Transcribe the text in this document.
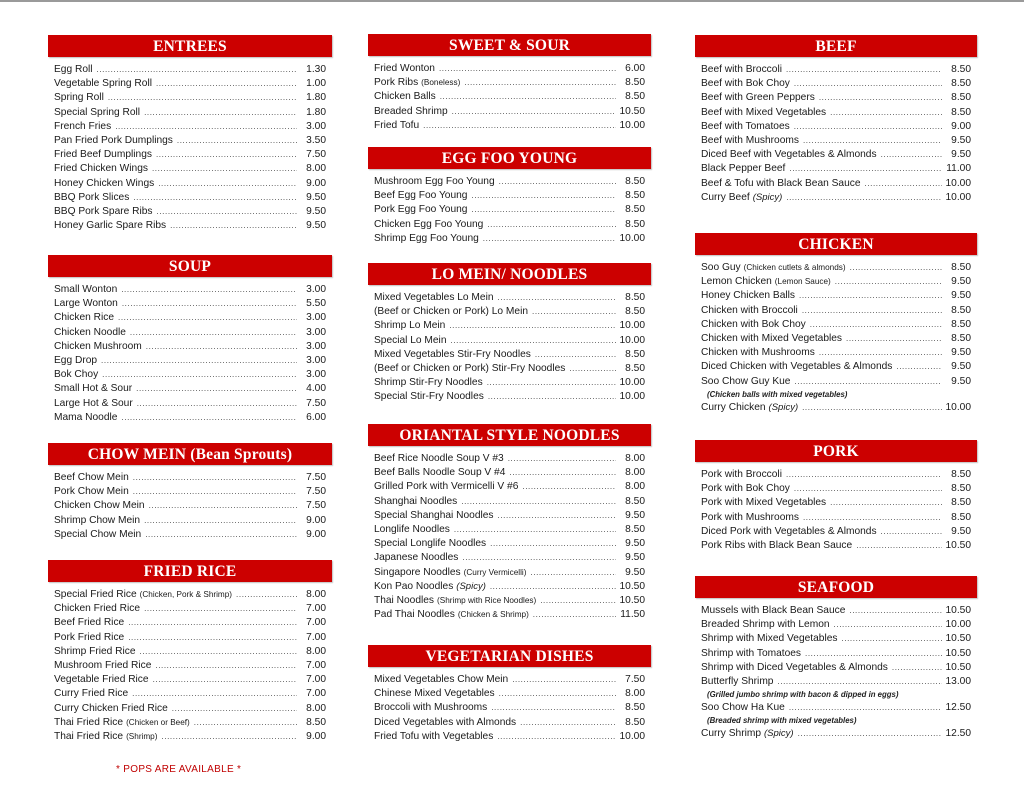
ENTREES
Egg Roll .....	1.30
Vegetable Spring Roll .....	1.00
Spring Roll .....	1.80
Special Spring Roll .....	1.80
French Fries .....	3.00
Pan Fried Pork Dumplings .....	3.50
Fried Beef Dumplings .....	7.50
Fried Chicken Wings .....	8.00
Honey Chicken Wings .....	9.00
BBQ Pork Slices .....	9.50
BBQ Pork Spare Ribs .....	9.50
Honey Garlic Spare Ribs .....	9.50
SOUP
Small Wonton .....	3.00
Large Wonton .....	5.50
Chicken Rice .....	3.00
Chicken Noodle .....	3.00
Chicken Mushroom .....	3.00
Egg Drop .....	3.00
Bok Choy .....	3.00
Small Hot & Sour .....	4.00
Large Hot & Sour .....	7.50
Mama Noodle .....	6.00
CHOW MEIN (Bean Sprouts)
Beef Chow Mein .....	7.50
Pork Chow Mein .....	7.50
Chicken Chow Mein .....	7.50
Shrimp Chow Mein .....	9.00
Special Chow Mein .....	9.00
FRIED RICE
Special Fried Rice (Chicken, Pork & Shrimp) .....	8.00
Chicken Fried Rice .....	7.00
Beef Fried Rice .....	7.00
Pork Fried Rice .....	7.00
Shrimp Fried Rice .....	8.00
Mushroom Fried Rice .....	7.00
Vegetable Fried Rice .....	7.00
Curry Fried Rice .....	7.00
Curry Chicken Fried Rice .....	8.00
Thai Fried Rice (Chicken or Beef) .....	8.50
Thai Fried Rice (Shrimp) .....	9.00
* POPS ARE AVAILABLE *
SWEET & SOUR
Fried Wonton .....	6.00
Pork Ribs (Boneless) .....	8.50
Chicken Balls .....	8.50
Breaded Shrimp .....	10.50
Fried Tofu .....	10.00
EGG FOO YOUNG
Mushroom Egg Foo Young .....	8.50
Beef Egg Foo Young .....	8.50
Pork Egg Foo Young .....	8.50
Chicken Egg Foo Young .....	8.50
Shrimp Egg Foo Young .....	10.00
LO MEIN/ NOODLES
Mixed Vegetables Lo Mein .....	8.50
(Beef or Chicken or Pork) Lo Mein .....	8.50
Shrimp Lo Mein .....	10.00
Special Lo Mein .....	10.00
Mixed Vegetables Stir-Fry Noodles .....	8.50
(Beef or Chicken or Pork) Stir-Fry Noodles .....	8.50
Shrimp Stir-Fry Noodles .....	10.00
Special Stir-Fry Noodles .....	10.00
ORIANTAL STYLE NOODLES
Beef Rice Noodle Soup V #3 .....	8.00
Beef Balls Noodle Soup V #4 .....	8.00
Grilled Pork with Vermicelli V #6 .....	8.00
Shanghai Noodles .....	8.50
Special Shanghai Noodles .....	9.50
Longlife Noodles .....	8.50
Special Longlife Noodles .....	9.50
Japanese Noodles .....	9.50
Singapore Noodles (Curry Vermicelli) .....	9.50
Kon Pao Noodles (Spicy) .....	10.50
Thai Noodles (Shrimp with Rice Noodles) .....	10.50
Pad Thai Noodles (Chicken & Shrimp) .....	11.50
VEGETARIAN DISHES
Mixed Vegetables Chow Mein .....	7.50
Chinese Mixed Vegetables .....	8.00
Broccoli with Mushrooms .....	8.50
Diced Vegetables with Almonds .....	8.50
Fried Tofu with Vegetables .....	10.00
BEEF
Beef with Broccoli .....	8.50
Beef with Bok Choy .....	8.50
Beef with Green Peppers .....	8.50
Beef with Mixed Vegetables .....	8.50
Beef with Tomatoes .....	9.00
Beef with Mushrooms .....	9.50
Diced Beef with Vegetables & Almonds .....	9.50
Black Pepper Beef .....	11.00
Beef & Tofu with Black Bean Sauce .....	10.00
Curry Beef (Spicy) .....	10.00
CHICKEN
Soo Guy (Chicken cutlets & almonds) .....	8.50
Lemon Chicken (Lemon Sauce) .....	9.50
Honey Chicken Balls .....	9.50
Chicken with Broccoli .....	8.50
Chicken with Bok Choy .....	8.50
Chicken with Mixed Vegetables .....	8.50
Chicken with Mushrooms .....	9.50
Diced Chicken with Vegetables & Almonds .....	9.50
Soo Chow Guy Kue .....	9.50
(Chicken balls with mixed vegetables)
Curry Chicken (Spicy) .....	10.00
PORK
Pork with Broccoli .....	8.50
Pork with Bok Choy .....	8.50
Pork with Mixed Vegetables .....	8.50
Pork with Mushrooms .....	8.50
Diced Pork with Vegetables & Almonds .....	9.50
Pork Ribs with Black Bean Sauce .....	10.50
SEAFOOD
Mussels with Black Bean Sauce .....	10.50
Breaded Shrimp with Lemon .....	10.00
Shrimp with Mixed Vegetables .....	10.50
Shrimp with Tomatoes .....	10.50
Shrimp with Diced Vegetables & Almonds .....	10.50
Butterfly Shrimp .....	13.00
(Grilled jumbo shrimp with bacon & dipped in eggs)
Soo Chow Ha Kue .....	12.50
(Breaded shrimp with mixed vegetables)
Curry Shrimp (Spicy) .....	12.50
